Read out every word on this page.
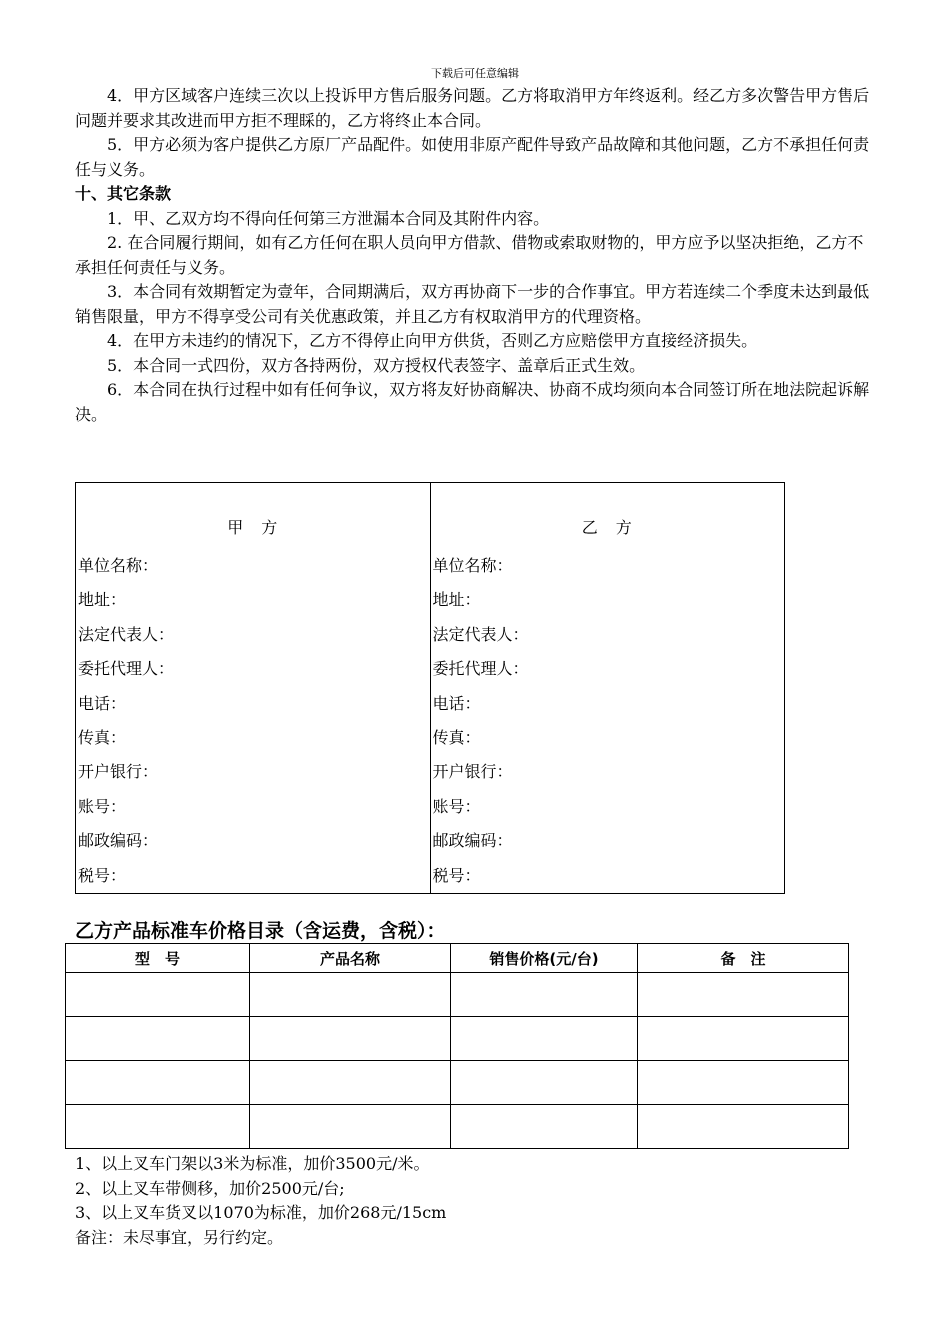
下载后可任意编辑

4．甲方区域客户连续三次以上投诉甲方售后服务问题。乙方将取消甲方年终返利。经乙方多次警告甲方售后问题并要求其改进而甲方拒不理睬的，乙方将终止本合同。

5．甲方必须为客户提供乙方原厂产品配件。如使用非原产配件导致产品故障和其他问题，乙方不承担任何责任与义务。

十、其它条款

1．甲、乙双方均不得向任何第三方泄漏本合同及其附件内容。

2. 在合同履行期间，如有乙方任何在职人员向甲方借款、借物或索取财物的，甲方应予以坚决拒绝，乙方不承担任何责任与义务。

3．本合同有效期暂定为壹年，合同期满后，双方再协商下一步的合作事宜。甲方若连续二个季度未达到最低销售限量，甲方不得享受公司有关优惠政策，并且乙方有权取消甲方的代理资格。

4．在甲方未违约的情况下，乙方不得停止向甲方供货，否则乙方应赔偿甲方直接经济损失。

5．本合同一式四份，双方各持两份，双方授权代表签字、盖章后正式生效。

6．本合同在执行过程中如有任何争议，双方将友好协商解决、协商不成均须向本合同签订所在地法院起诉解决。

甲　方
单位名称：
地址：
法定代表人：
委托代理人：
电话：
传真：
开户银行：
账号：
邮政编码：
税号：

乙　方
单位名称：
地址：
法定代表人：
委托代理人：
电话：
传真：
开户银行：
账号：
邮政编码：
税号：

乙方产品标准车价格目录（含运费，含税）：

型　号	产品名称	销售价格(元/台)	备　注

1、以上叉车门架以3米为标准，加价3500元/米。
2、以上叉车带侧移，加价2500元/台;
3、以上叉车货叉以1070为标准，加价268元/15cm
备注：未尽事宜，另行约定。
